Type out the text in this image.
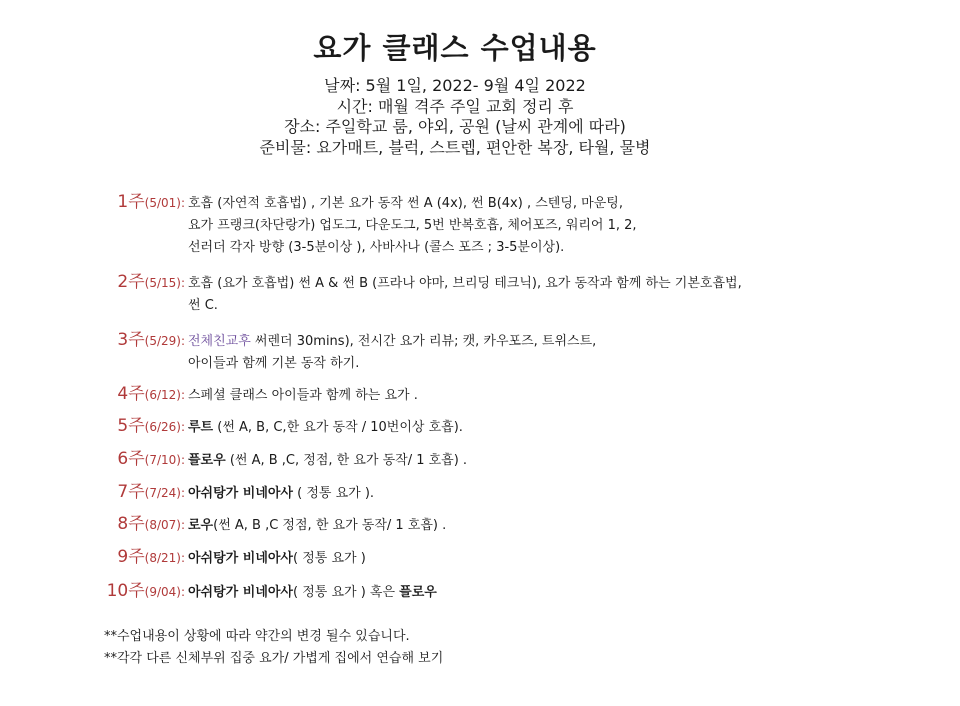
요가 클래스 수업내용
날짜: 5월 1일, 2022- 9월 4일 2022
시간: 매월 격주 주일 교회 정리 후
장소: 주일학교 룸, 야외, 공원 (날씨 관계에 따라)
준비물: 요가매트, 블럭, 스트렙, 편안한 복장, 타월, 물병
1주(5/01): 호흡 (자연적 호흡법) , 기본 요가 동작 썬 A (4x), 썬 B(4x) , 스텐딩, 마운팅,
요가 프랭크(차단랑가) 업도그, 다운도그, 5번 반복호흡, 체어포즈, 워리어 1, 2,
선러더 각자 방향 (3-5분이상 ), 사바사나 (콜스 포즈 ; 3-5분이상).
2주(5/15): 호흡 (요가 호흡법) 썬 A & 썬 B (프라나 야마, 브리딩 테크닉), 요가 동작과 함께 하는 기본호흡법,
썬 C.
3주(5/29): 전체친교후 써렌더 30mins), 전시간 요가 리뷰; 캣, 카우포즈, 트위스트,
아이들과 함께 기본 동작 하기.
4주(6/12): 스페셜 클래스 아이들과 함께 하는 요가 .
5주(6/26): 루트 (썬 A, B, C,한 요가 동작 / 10번이상 호흡).
6주(7/10): 플로우 (썬 A, B ,C, 정점, 한 요가 동작/ 1 호흡) .
7주(7/24): 아쉬탕가 비네아사 ( 정통 요가 ).
8주(8/07): 로우(썬 A, B ,C 정점, 한 요가 동작/ 1 호흡) .
9주(8/21): 아쉬탕가 비네아사( 정통 요가 )
10주(9/04): 아쉬탕가 비네아사( 정통 요가 ) 혹은 플로우
**수업내용이 상황에 따라 약간의 변경 될수 있습니다.
**각각 다른 신체부위 집중 요가/ 가볍게 집에서 연습해 보기
